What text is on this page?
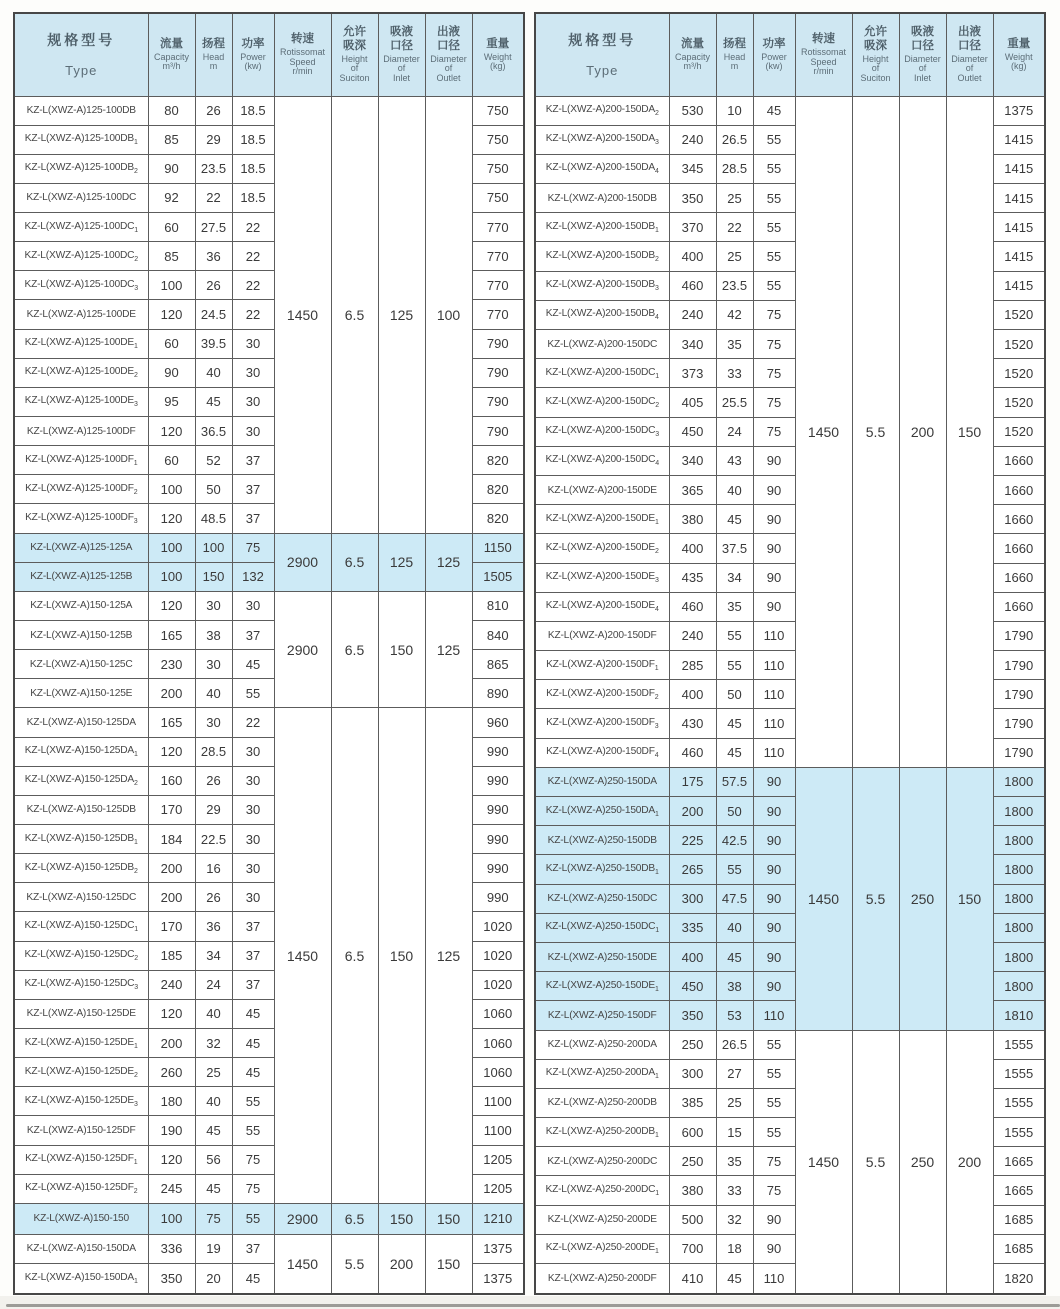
规格型号
Type

流量
Capacity
m³/h

扬程
Head
m

功率
Power
(kw)

转速
Rotissomat
Speed
r/min

允许
吸深
Height
of
Suciton

吸液
口径
Diameter
of
Inlet

出液
口径
Diameter
of
Outlet

重量
Weight
(kg)

KZ-L(XWZ-A)125-100DB	80	26	18.5	1450	6.5	125	100	750
$KZ-L(XWZ-A)125-100DB_1$	85	29	18.5					750
$KZ-L(XWZ-A)125-100DB_2$	90	23.5	18.5					750
KZ-L(XWZ-A)125-100DC	92	22	18.5					750
$KZ-L(XWZ-A)125-100DC_1$	60	27.5	22					770
$KZ-L(XWZ-A)125-100DC_2$	85	36	22					770
$KZ-L(XWZ-A)125-100DC_3$	100	26	22					770
KZ-L(XWZ-A)125-100DE	120	24.5	22					770
$KZ-L(XWZ-A)125-100DE_1$	60	39.5	30					790
$KZ-L(XWZ-A)125-100DE_2$	90	40	30					790
$KZ-L(XWZ-A)125-100DE_3$	95	45	30					790
KZ-L(XWZ-A)125-100DF	120	36.5	30					790
$KZ-L(XWZ-A)125-100DF_1$	60	52	37					820
$KZ-L(XWZ-A)125-100DF_2$	100	50	37					820
$KZ-L(XWZ-A)125-100DF_3$	120	48.5	37					820
KZ-L(XWZ-A)125-125A	100	100	75	2900	6.5	125	125	1150
KZ-L(XWZ-A)125-125B	100	150	132					1505
KZ-L(XWZ-A)150-125A	120	30	30	2900	6.5	150	125	810
KZ-L(XWZ-A)150-125B	165	38	37					840
KZ-L(XWZ-A)150-125C	230	30	45					865
KZ-L(XWZ-A)150-125E	200	40	55					890
KZ-L(XWZ-A)150-125DA	165	30	22	1450	6.5	150	125	960
$KZ-L(XWZ-A)150-125DA_1$	120	28.5	30					990
$KZ-L(XWZ-A)150-125DA_2$	160	26	30					990
KZ-L(XWZ-A)150-125DB	170	29	30					990
$KZ-L(XWZ-A)150-125DB_1$	184	22.5	30					990
$KZ-L(XWZ-A)150-125DB_2$	200	16	30					990
KZ-L(XWZ-A)150-125DC	200	26	30					990
$KZ-L(XWZ-A)150-125DC_1$	170	36	37					1020
$KZ-L(XWZ-A)150-125DC_2$	185	34	37					1020
$KZ-L(XWZ-A)150-125DC_3$	240	24	37					1020
KZ-L(XWZ-A)150-125DE	120	40	45					1060
$KZ-L(XWZ-A)150-125DE_1$	200	32	45					1060
$KZ-L(XWZ-A)150-125DE_2$	260	25	45					1060
$KZ-L(XWZ-A)150-125DE_3$	180	40	55					1100
KZ-L(XWZ-A)150-125DF	190	45	55					1100
$KZ-L(XWZ-A)150-125DF_1$	120	56	75					1205
$KZ-L(XWZ-A)150-125DF_2$	245	45	75					1205
KZ-L(XWZ-A)150-150	100	75	55	2900	6.5	150	150	1210
KZ-L(XWZ-A)150-150DA	336	19	37	1450	5.5	200	150	1375
$KZ-L(XWZ-A)150-150DA_1$	350	20	45					1375
规格型号
Type

流量
Capacity
m³/h

扬程
Head
m

功率
Power
(kw)

转速
Rotissomat
Speed
r/min

允许
吸深
Height
of
Suciton

吸液
口径
Diameter
of
Inlet

出液
口径
Diameter
of
Outlet

重量
Weight
(kg)

$KZ-L(XWZ-A)200-150DA_2$	530	10	45	1450	5.5	200	150	1375
$KZ-L(XWZ-A)200-150DA_3$	240	26.5	55					1415
$KZ-L(XWZ-A)200-150DA_4$	345	28.5	55					1415
KZ-L(XWZ-A)200-150DB	350	25	55					1415
$KZ-L(XWZ-A)200-150DB_1$	370	22	55					1415
$KZ-L(XWZ-A)200-150DB_2$	400	25	55					1415
$KZ-L(XWZ-A)200-150DB_3$	460	23.5	55					1415
$KZ-L(XWZ-A)200-150DB_4$	240	42	75					1520
KZ-L(XWZ-A)200-150DC	340	35	75					1520
$KZ-L(XWZ-A)200-150DC_1$	373	33	75					1520
$KZ-L(XWZ-A)200-150DC_2$	405	25.5	75					1520
$KZ-L(XWZ-A)200-150DC_3$	450	24	75					1520
$KZ-L(XWZ-A)200-150DC_4$	340	43	90					1660
KZ-L(XWZ-A)200-150DE	365	40	90					1660
$KZ-L(XWZ-A)200-150DE_1$	380	45	90					1660
$KZ-L(XWZ-A)200-150DE_2$	400	37.5	90					1660
$KZ-L(XWZ-A)200-150DE_3$	435	34	90					1660
$KZ-L(XWZ-A)200-150DE_4$	460	35	90					1660
KZ-L(XWZ-A)200-150DF	240	55	110					1790
$KZ-L(XWZ-A)200-150DF_1$	285	55	110					1790
$KZ-L(XWZ-A)200-150DF_2$	400	50	110					1790
$KZ-L(XWZ-A)200-150DF_3$	430	45	110					1790
$KZ-L(XWZ-A)200-150DF_4$	460	45	110					1790
KZ-L(XWZ-A)250-150DA	175	57.5	90	1450	5.5	250	150	1800
$KZ-L(XWZ-A)250-150DA_1$	200	50	90					1800
KZ-L(XWZ-A)250-150DB	225	42.5	90					1800
$KZ-L(XWZ-A)250-150DB_1$	265	55	90					1800
KZ-L(XWZ-A)250-150DC	300	47.5	90					1800
$KZ-L(XWZ-A)250-150DC_1$	335	40	90					1800
KZ-L(XWZ-A)250-150DE	400	45	90					1800
$KZ-L(XWZ-A)250-150DE_1$	450	38	90					1800
KZ-L(XWZ-A)250-150DF	350	53	110					1810
KZ-L(XWZ-A)250-200DA	250	26.5	55	1450	5.5	250	200	1555
$KZ-L(XWZ-A)250-200DA_1$	300	27	55					1555
KZ-L(XWZ-A)250-200DB	385	25	55					1555
$KZ-L(XWZ-A)250-200DB_1$	600	15	55					1555
KZ-L(XWZ-A)250-200DC	250	35	75					1665
$KZ-L(XWZ-A)250-200DC_1$	380	33	75					1665
KZ-L(XWZ-A)250-200DE	500	32	90					1685
$KZ-L(XWZ-A)250-200DE_1$	700	18	90					1685
KZ-L(XWZ-A)250-200DF	410	45	110					1820
